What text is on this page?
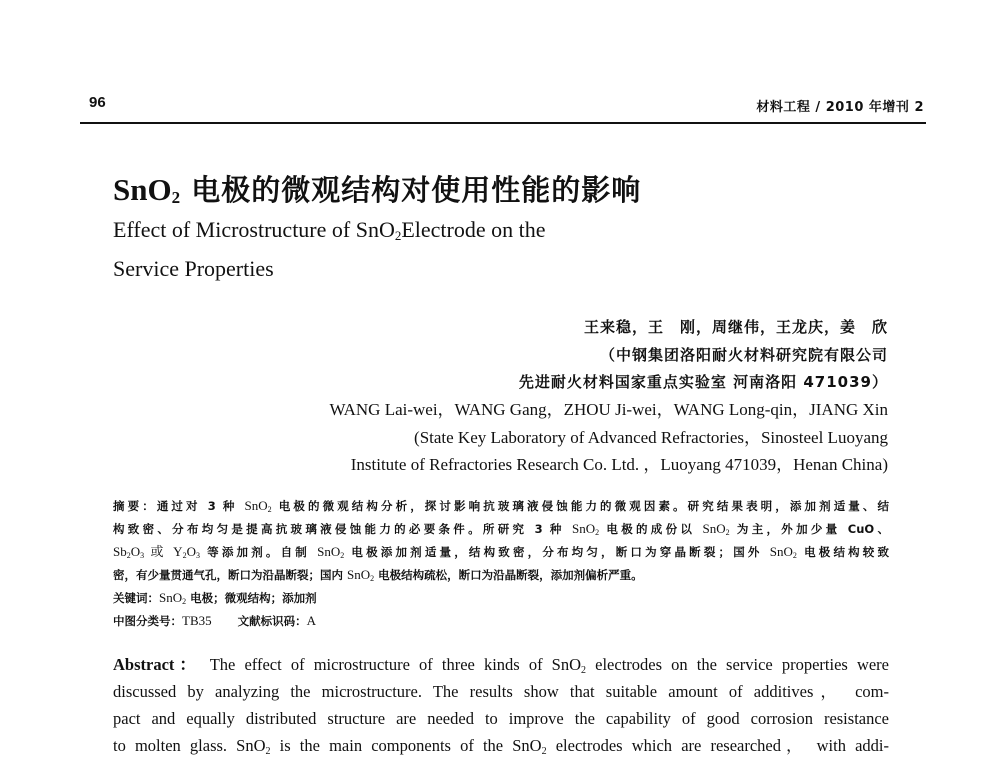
96	材料工程 / 2010 年增刊 2
SnO$_2$ 电极的微观结构对使用性能的影响
Effect of Microstructure of SnO$_2$Electrode on the
Service Properties
王来稳，王　刚，周继伟，王龙庆，姜　欣
（中钢集团洛阳耐火材料研究院有限公司
先进耐火材料国家重点实验室 河南洛阳 471039）
WANG Lai-wei，WANG Gang，ZHOU Ji-wei，WANG Long-qin，JIANG Xin
(State Key Laboratory of Advanced Refractories，Sinosteel Luoyang
Institute of Refractories Research Co. Ltd. ，Luoyang 471039，Henan China)
摘要：通过对 3 种 SnO$_2$ 电极的微观结构分析，探讨影响抗玻璃液侵蚀能力的微观因素。研究结果表明，添加剂适量、结
构致密、分布均匀是提高抗玻璃液侵蚀能力的必要条件。所研究 3 种 SnO$_2$ 电极的成份以 SnO$_2$ 为主，外加少量 CuO、
$Sb_2O_3$ 或 $Y_2O_3$ 等添加剂。自制 SnO$_2$ 电极添加剂适量，结构致密，分布均匀，断口为穿晶断裂；国外 SnO$_2$ 电极结构较致
密，有少量贯通气孔，断口为沿晶断裂；国内 SnO$_2$ 电极结构疏松，断口为沿晶断裂，添加剂偏析严重。
关键词：SnO$_2$ 电极；微观结构；添加剂
中图分类号：TB35 文献标识码：A
Abstract： The effect of microstructure of three kinds of SnO$_2$ electrodes on the service properties were
discussed by analyzing the microstructure. The results show that suitable amount of additives， com-
pact and equally distributed structure are needed to improve the capability of good corrosion resistance
to molten glass. SnO$_2$ is the main components of the SnO$_2$ electrodes which are researched， with addi-
